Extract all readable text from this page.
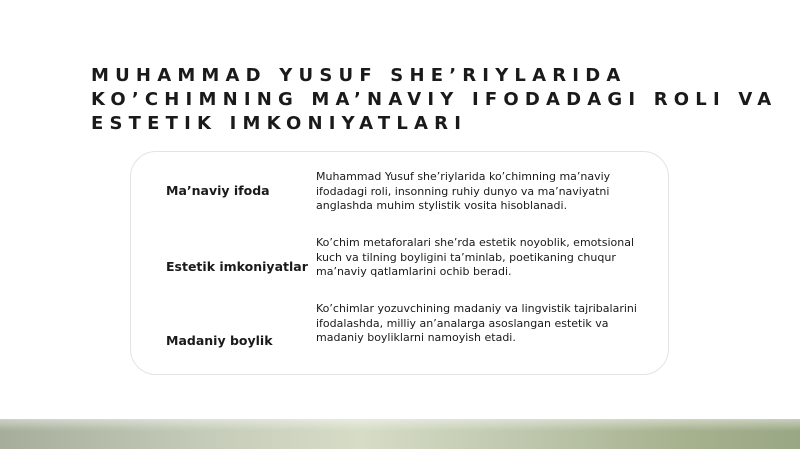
MUHAMMAD YUSUF SHE’RIYLARIDA KO’CHIMNING MA’NAVIY IFODADAGI ROLI VA ESTETIK IMKONIYATLARI
Ma’naviy ifoda
Muhammad Yusuf she’riylarida ko’chimning ma’naviy ifodadagi roli, insonning ruhiy dunyo va ma’naviyatni anglashda muhim stylistik vosita hisoblanadi.
Estetik imkoniyatlar
Ko’chim metaforalari she’rda estetik noyoblik, emotsional kuch va tilning boyligini ta’minlab, poetikaning chuqur ma’naviy qatlamlarini ochib beradi.
Madaniy boylik
Ko’chimlar yozuvchining madaniy va lingvistik tajribalarini ifodalashda, milliy an’analarga asoslangan estetik va madaniy boyliklarni namoyish etadi.
